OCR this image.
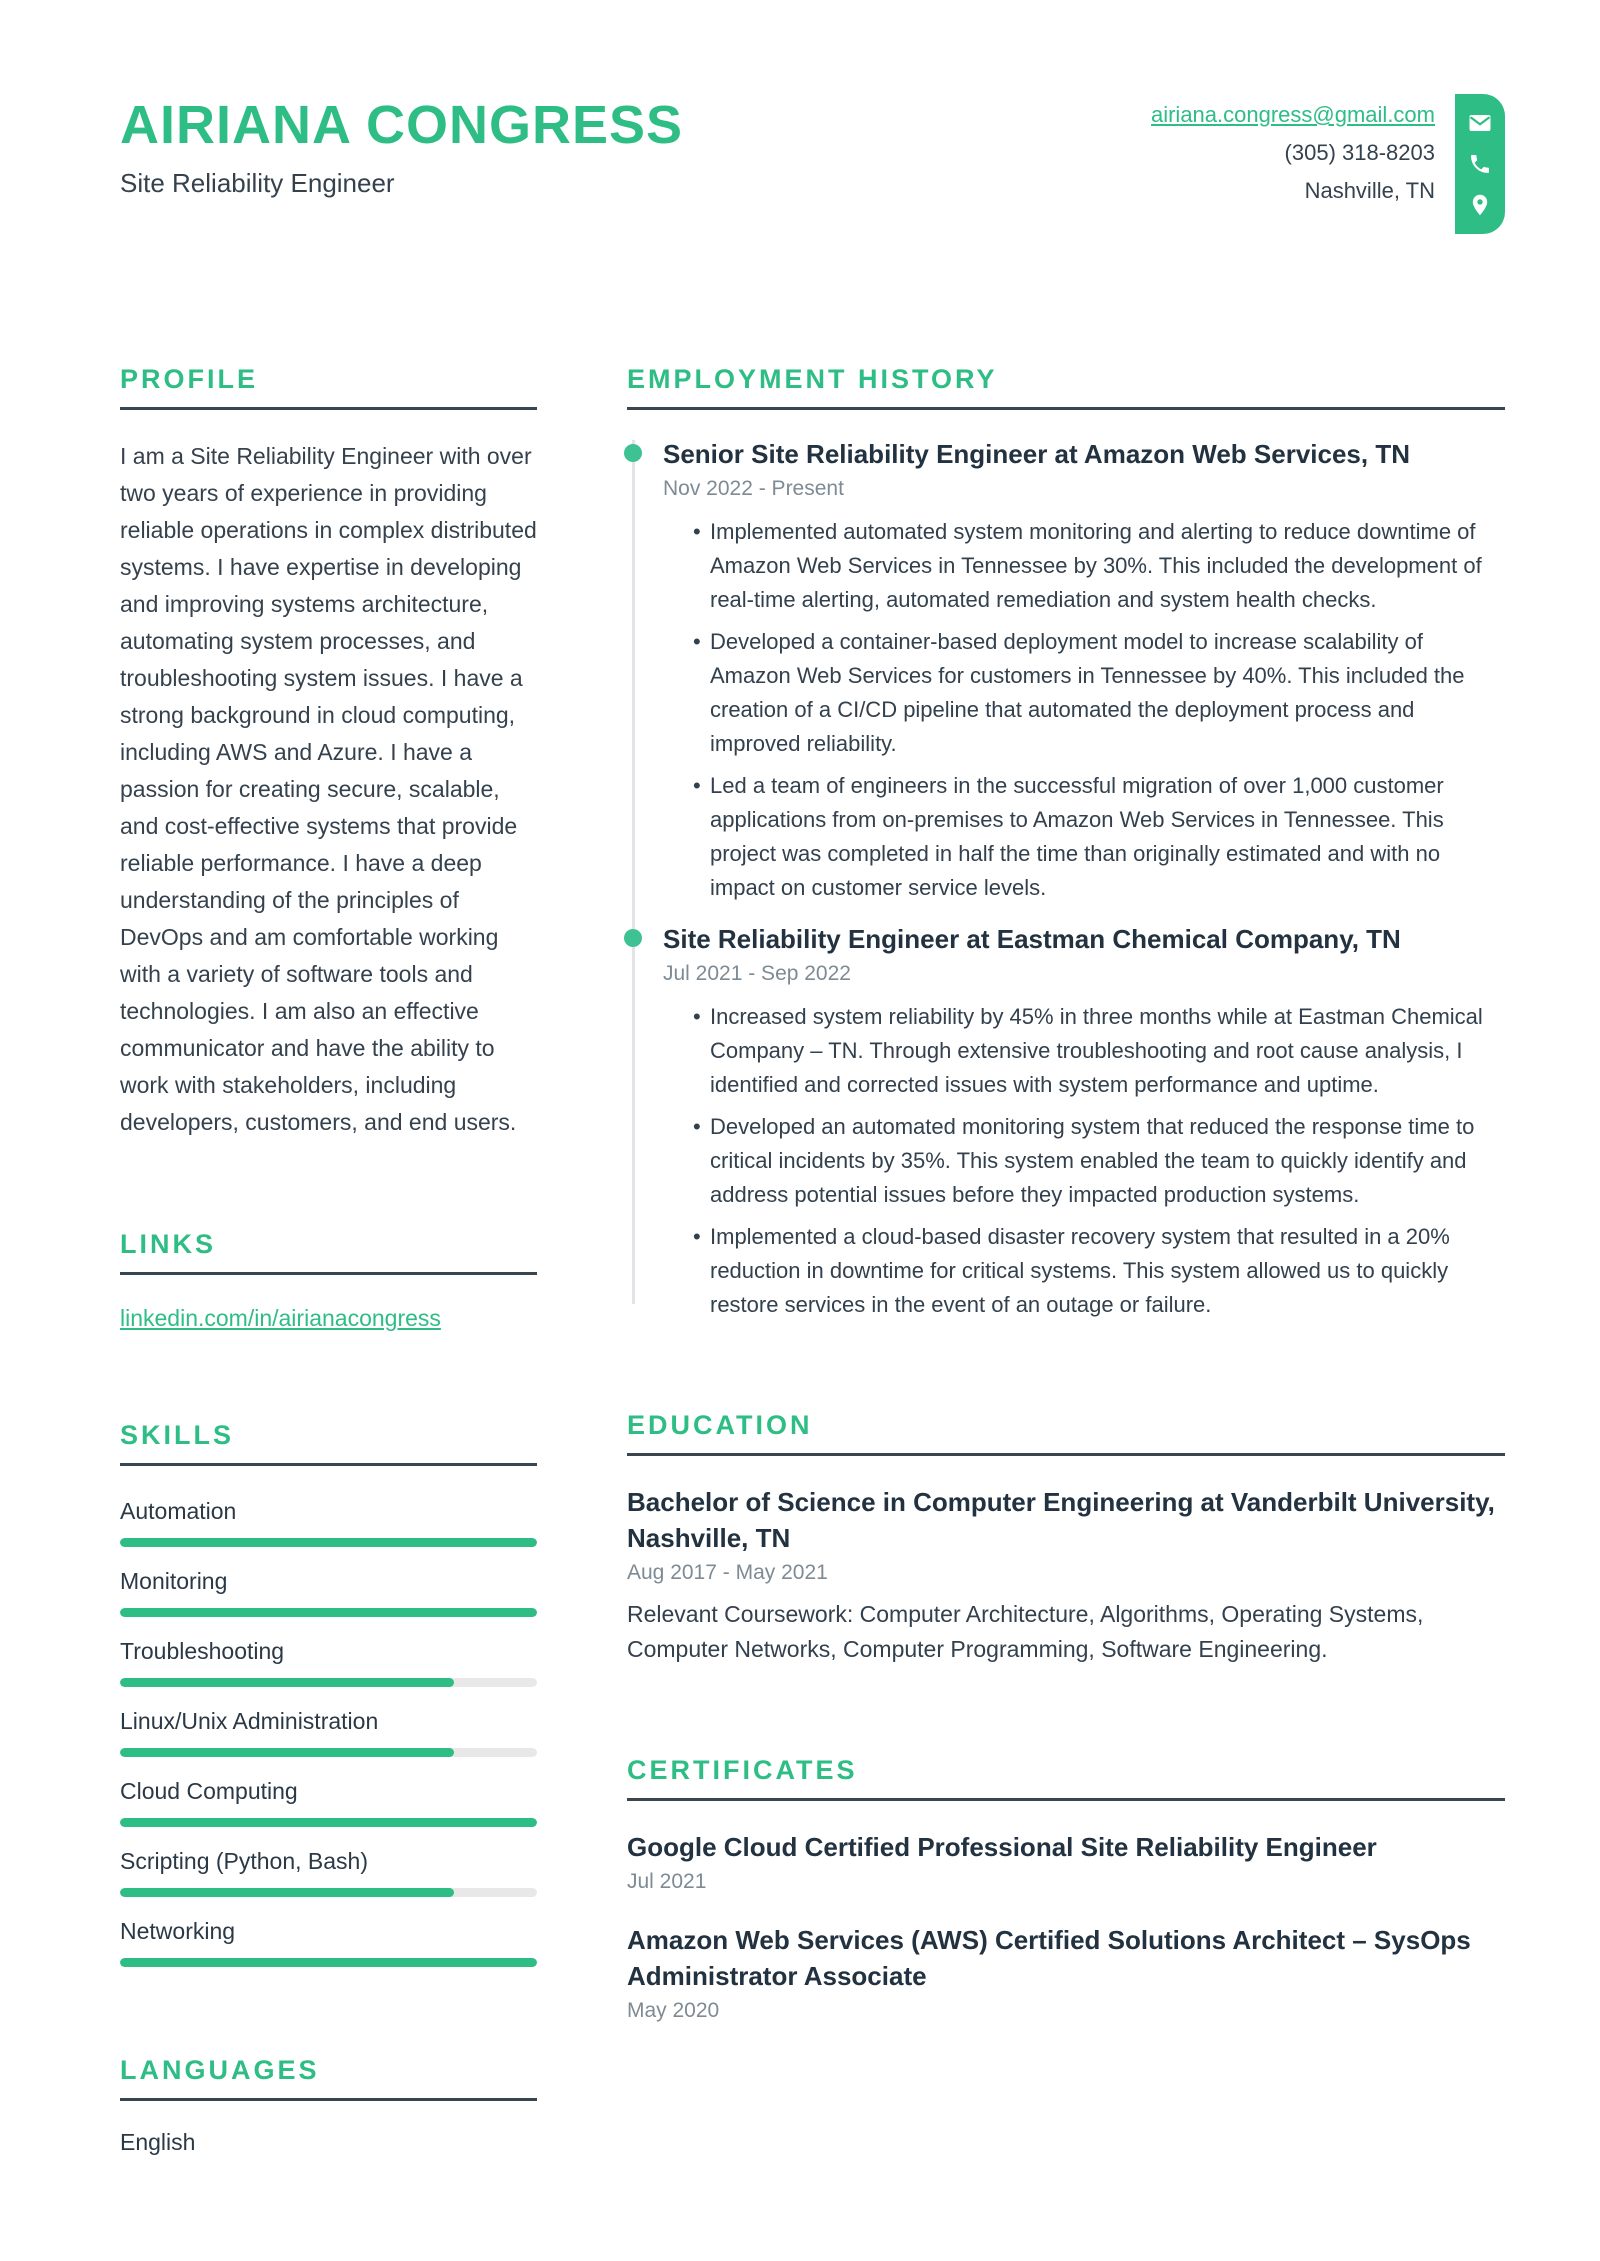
AIRIANA CONGRESS
Site Reliability Engineer
airiana.congress@gmail.com
(305) 318-8203
Nashville, TN
PROFILE

I am a Site Reliability Engineer with over two years of experience in providing reliable operations in complex distributed systems. I have expertise in developing and improving systems architecture, automating system processes, and troubleshooting system issues. I have a strong background in cloud computing, including AWS and Azure. I have a passion for creating secure, scalable, and cost-effective systems that provide reliable performance. I have a deep understanding of the principles of DevOps and am comfortable working with a variety of software tools and technologies. I am also an effective communicator and have the ability to work with stakeholders, including developers, customers, and end users.

LINKS
linkedin.com/in/airianacongress
SKILLS
Automation
Monitoring
Troubleshooting
Linux/Unix Administration
Cloud Computing
Scripting (Python, Bash)
Networking
LANGUAGES
English
EMPLOYMENT HISTORY
Senior Site Reliability Engineer at Amazon Web Services, TN
Nov 2022 - Present
• Implemented automated system monitoring and alerting to reduce downtime of Amazon Web Services in Tennessee by 30%. This included the development of real-time alerting, automated remediation and system health checks.
• Developed a container-based deployment model to increase scalability of Amazon Web Services for customers in Tennessee by 40%. This included the creation of a CI/CD pipeline that automated the deployment process and improved reliability.
• Led a team of engineers in the successful migration of over 1,000 customer applications from on-premises to Amazon Web Services in Tennessee. This project was completed in half the time than originally estimated and with no impact on customer service levels.
Site Reliability Engineer at Eastman Chemical Company, TN
Jul 2021 - Sep 2022
• Increased system reliability by 45% in three months while at Eastman Chemical Company – TN. Through extensive troubleshooting and root cause analysis, I identified and corrected issues with system performance and uptime.
• Developed an automated monitoring system that reduced the response time to critical incidents by 35%. This system enabled the team to quickly identify and address potential issues before they impacted production systems.
• Implemented a cloud-based disaster recovery system that resulted in a 20% reduction in downtime for critical systems. This system allowed us to quickly restore services in the event of an outage or failure.
EDUCATION
Bachelor of Science in Computer Engineering at Vanderbilt University, Nashville, TN
Aug 2017 - May 2021

Relevant Coursework: Computer Architecture, Algorithms, Operating Systems, Computer Networks, Computer Programming, Software Engineering.

CERTIFICATES
Google Cloud Certified Professional Site Reliability Engineer
Jul 2021
Amazon Web Services (AWS) Certified Solutions Architect – SysOps Administrator Associate
May 2020
